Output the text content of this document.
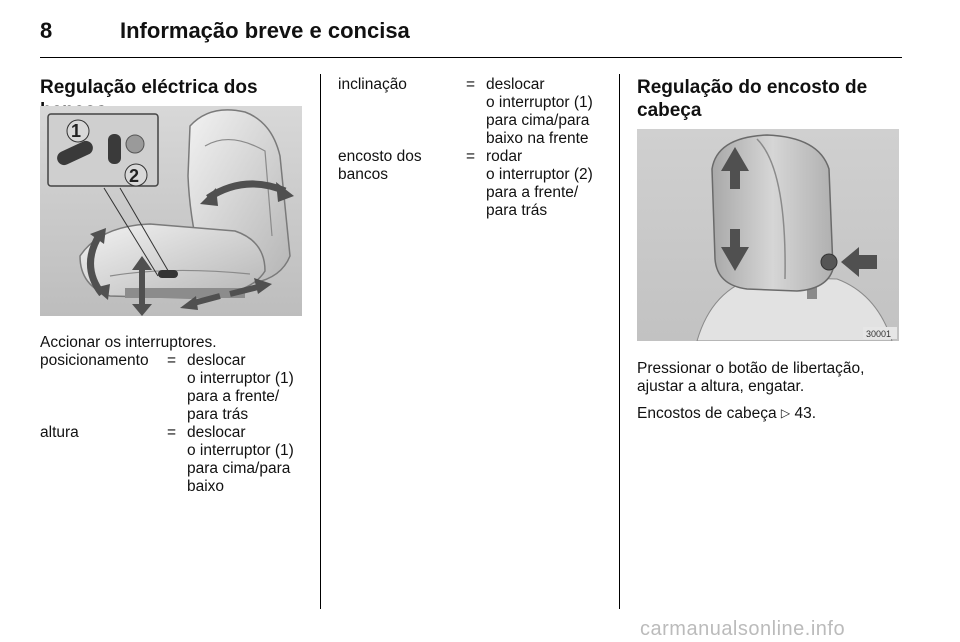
8	Informação breve e concisa
Regulação eléctrica dos
1
2
Accionar os interruptores.
posicionamento = deslocar
o interruptor (1)
para a frente/
para trás
altura	= deslocar
o interruptor (1)
para cima/para
baixo
inclinação	= deslocar
o interruptor (1)
para cima/para
baixo na frente
encosto dos
bancos
= rodar
o interruptor (2)
para a frente/
para trás
Regulação do encosto de cabeça
30001
Pressionar o botão de libertação, ajustar a altura, engatar.
Encostos de cabeça ▷ 43.
carmanualsonline.info
